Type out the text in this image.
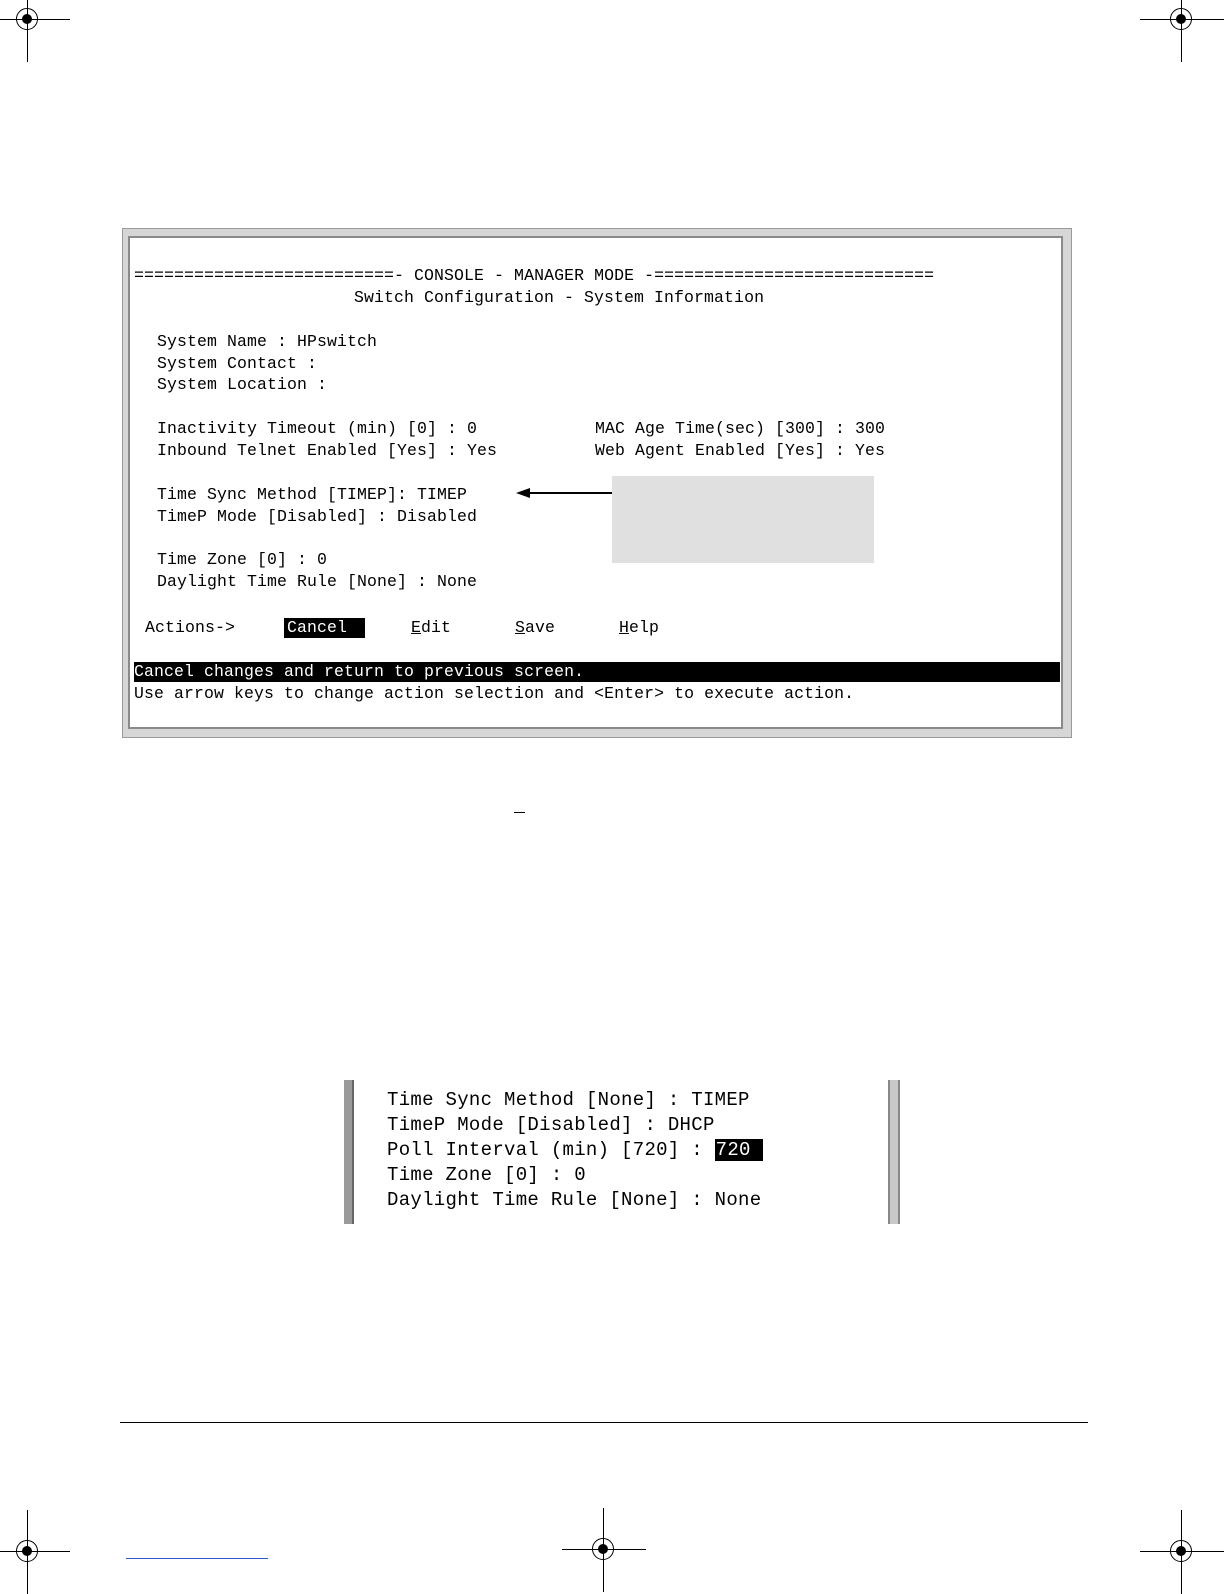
==========================- CONSOLE - MANAGER MODE -============================
Switch Configuration - System Information
System Name : HPswitch
System Contact :
System Location :
Inactivity Timeout (min) [0] : 0	MAC Age Time(sec) [300] : 300
Inbound Telnet Enabled [Yes] : Yes	Web Agent Enabled [Yes] : Yes
Time Sync Method [TIMEP]: TIMEP
TimeP Mode [Disabled] : Disabled
Time Zone [0] : 0
Daylight Time Rule [None] : None
Actions->	Cancel	Edit	Save	Help
Cancel changes and return to previous screen.
Use arrow keys to change action selection and <Enter> to execute action.
Time Sync Method [None] : TIMEP
TimeP Mode [Disabled] : DHCP
Poll Interval (min) [720] : 720
Time Zone [0] : 0
Daylight Time Rule [None] : None
